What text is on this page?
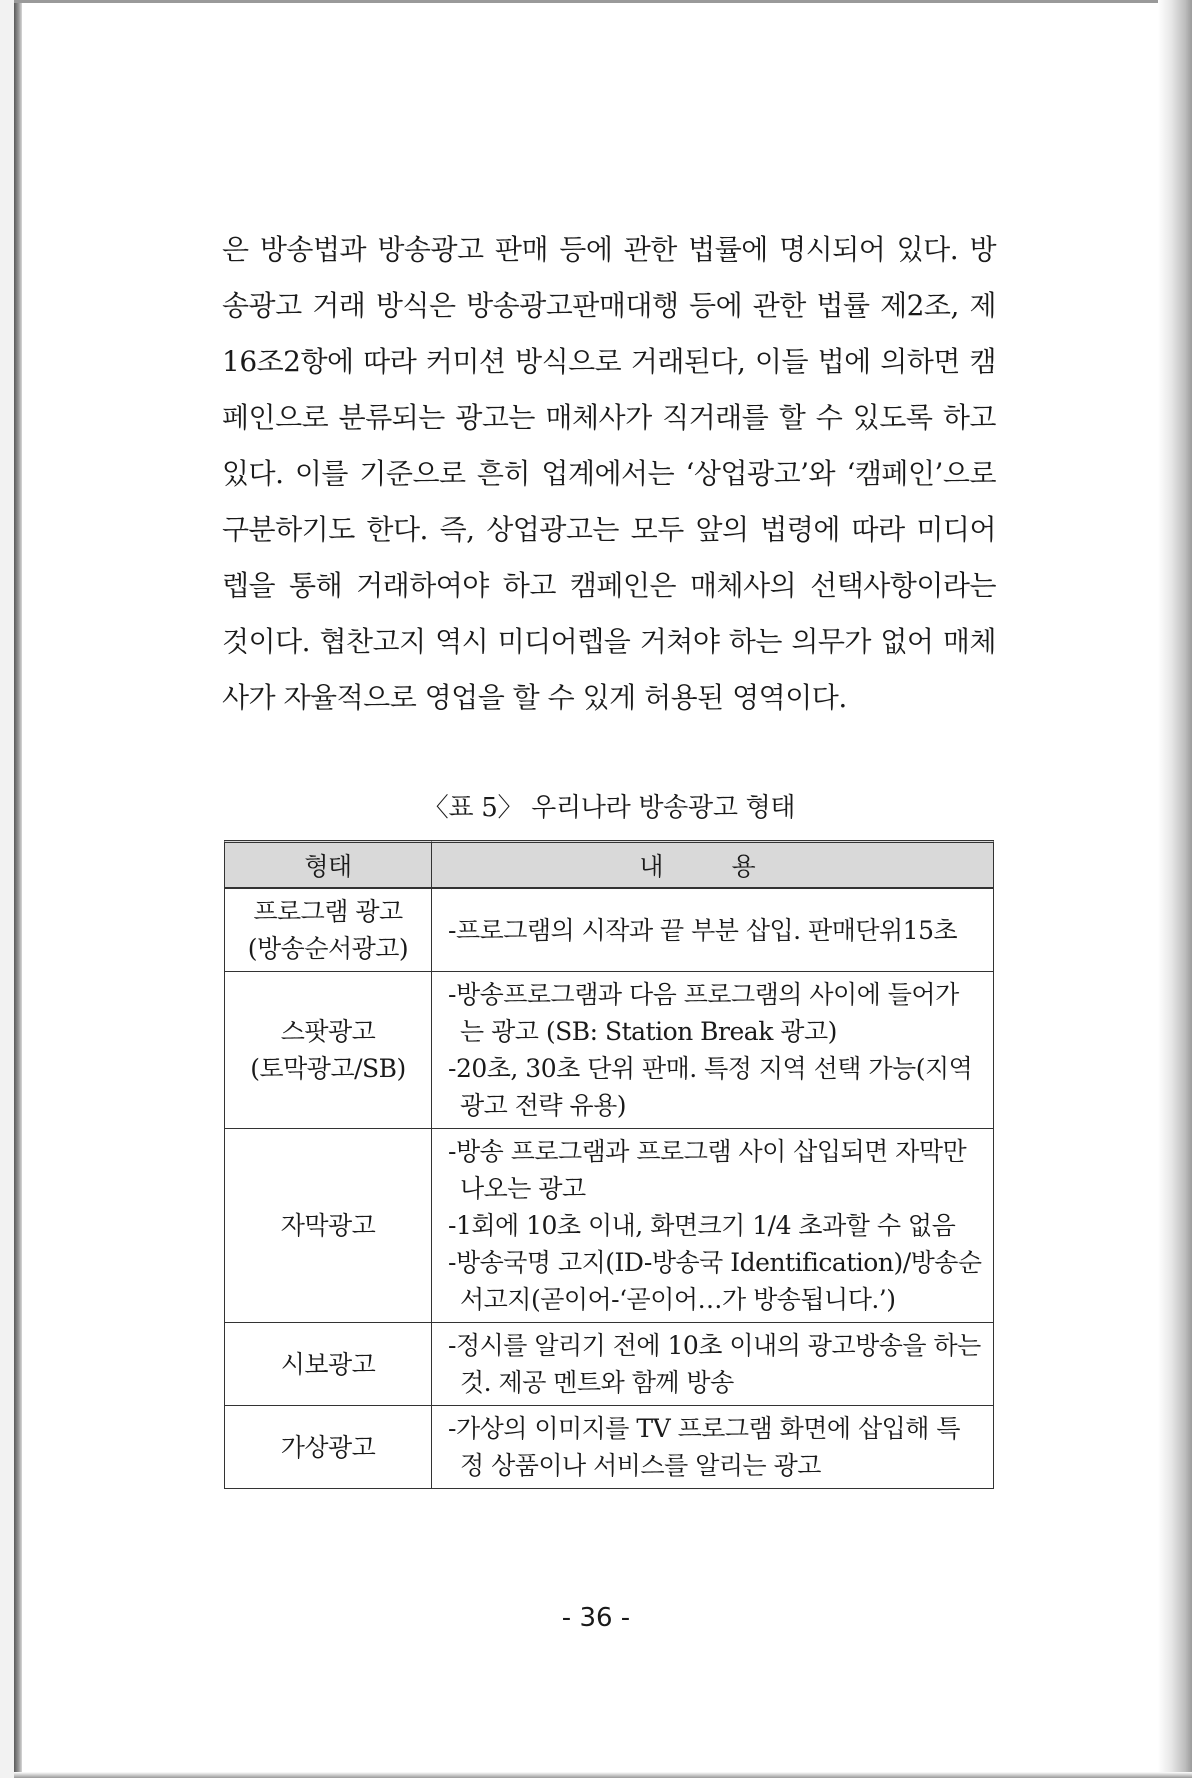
은 방송법과 방송광고 판매 등에 관한 법률에 명시되어 있다. 방
송광고 거래 방식은 방송광고판매대행 등에 관한 법률 제2조, 제
16조2항에 따라 커미션 방식으로 거래된다, 이들 법에 의하면 캠
페인으로 분류되는 광고는 매체사가 직거래를 할 수 있도록 하고
있다. 이를 기준으로 흔히 업계에서는 ‘상업광고’와 ‘캠페인’으로
구분하기도 한다. 즉, 상업광고는 모두 앞의 법령에 따라 미디어
렙을 통해 거래하여야 하고 캠페인은 매체사의 선택사항이라는
것이다. 협찬고지 역시 미디어렙을 거쳐야 하는 의무가 없어 매체
사가 자율적으로 영업을 할 수 있게 허용된 영역이다.

〈표 5〉 우리나라 방송광고 형태
형태	내 용

프로그램 광고
(방송순서광고)	-프로그램의 시작과 끝 부분 삽입. 판매단위15초

스팟광고
(토막광고/SB)	-방송프로그램과 다음 프로그램의 사이에 들어가
는 광고 (SB: Station Break 광고)
-20초, 30초 단위 판매. 특정 지역 선택 가능(지역
광고 전략 유용)

자막광고	-방송 프로그램과 프로그램 사이 삽입되면 자막만
나오는 광고
-1회에 10초 이내, 화면크기 1/4 초과할 수 없음
-방송국명 고지(ID-방송국 Identification)/방송순
서고지(곧이어-‘곧이어…가 방송됩니다.’)

시보광고	-정시를 알리기 전에 10초 이내의 광고방송을 하는
것. 제공 멘트와 함께 방송

가상광고	-가상의 이미지를 TV 프로그램 화면에 삽입해 특
정 상품이나 서비스를 알리는 광고
- 36 -
